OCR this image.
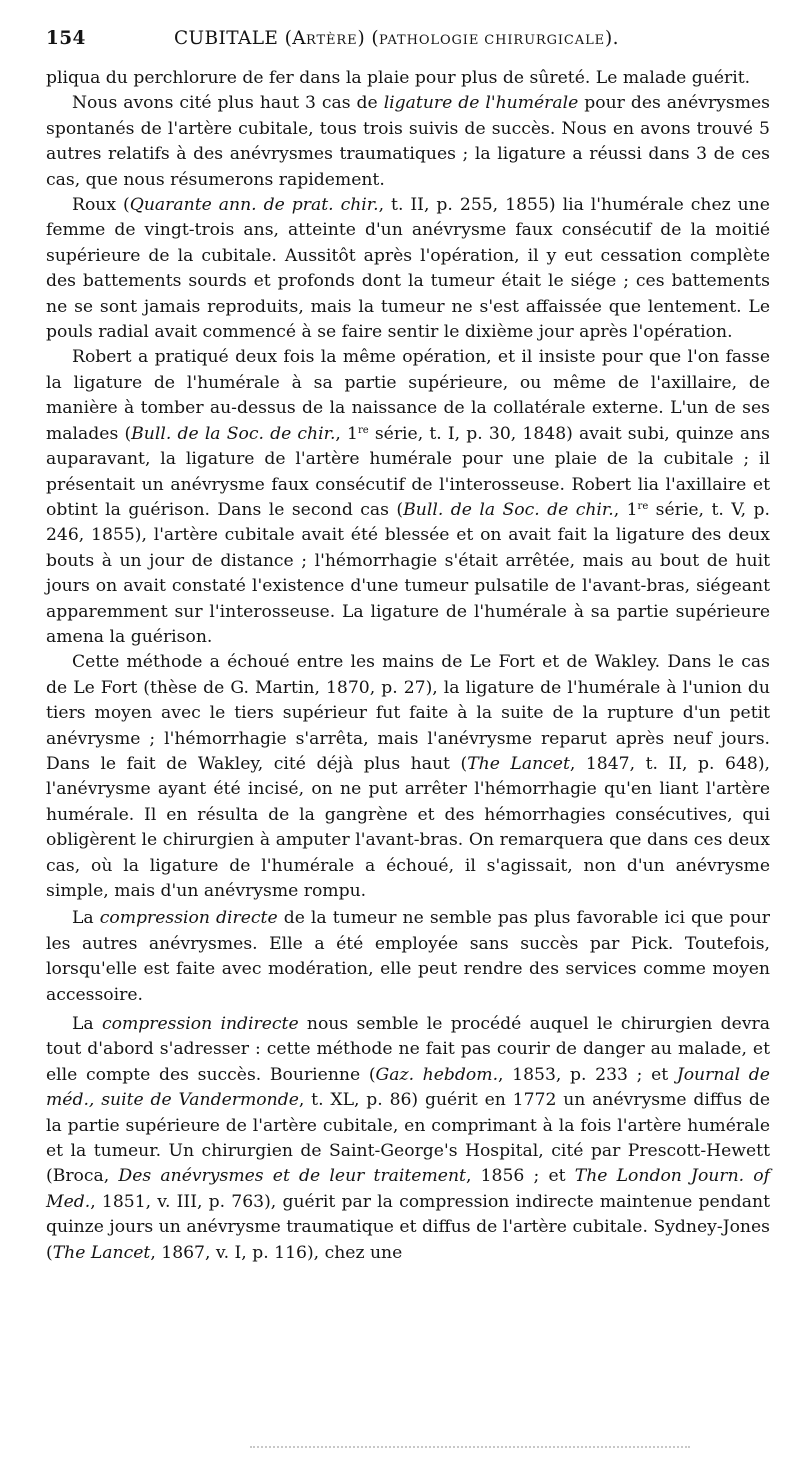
154	CUBITALE (ARTÈRE) (PATHOLOGIE CHIRURGICALE).

pliqua du perchlorure de fer dans la plaie pour plus de sûreté. Le malade guérit.

Nous avons cité plus haut 3 cas de ligature de l'humérale pour des anévrysmes spontanés de l'artère cubitale, tous trois suivis de succès. Nous en avons trouvé 5 autres relatifs à des anévrysmes traumatiques ; la ligature a réussi dans 3 de ces cas, que nous résumerons rapidement.

Roux (Quarante ann. de prat. chir., t. II, p. 255, 1855) lia l'humérale chez une femme de vingt-trois ans, atteinte d'un anévrysme faux consécutif de la moitié supérieure de la cubitale. Aussitôt après l'opération, il y eut cessation complète des battements sourds et profonds dont la tumeur était le siége ; ces battements ne se sont jamais reproduits, mais la tumeur ne s'est affaissée que lentement. Le pouls radial avait commencé à se faire sentir le dixième jour après l'opération.

Robert a pratiqué deux fois la même opération, et il insiste pour que l'on fasse la ligature de l'humérale à sa partie supérieure, ou même de l'axillaire, de manière à tomber au-dessus de la naissance de la collatérale externe. L'un de ses malades (Bull. de la Soc. de chir., 1re série, t. I, p. 30, 1848) avait subi, quinze ans auparavant, la ligature de l'artère humérale pour une plaie de la cubitale ; il présentait un anévrysme faux consécutif de l'interosseuse. Robert lia l'axillaire et obtint la guérison. Dans le second cas (Bull. de la Soc. de chir., 1re série, t. V, p. 246, 1855), l'artère cubitale avait été blessée et on avait fait la ligature des deux bouts à un jour de distance ; l'hémorrhagie s'était arrêtée, mais au bout de huit jours on avait constaté l'existence d'une tumeur pulsatile de l'avant-bras, siégeant apparemment sur l'interosseuse. La ligature de l'humérale à sa partie supérieure amena la guérison.

Cette méthode a échoué entre les mains de Le Fort et de Wakley. Dans le cas de Le Fort (thèse de G. Martin, 1870, p. 27), la ligature de l'humérale à l'union du tiers moyen avec le tiers supérieur fut faite à la suite de la rupture d'un petit anévrysme ; l'hémorrhagie s'arrêta, mais l'anévrysme reparut après neuf jours. Dans le fait de Wakley, cité déjà plus haut (The Lancet, 1847, t. II, p. 648), l'anévrysme ayant été incisé, on ne put arrêter l'hémorrhagie qu'en liant l'artère humérale. Il en résulta de la gangrène et des hémorrhagies consécutives, qui obligèrent le chirurgien à amputer l'avant-bras. On remarquera que dans ces deux cas, où la ligature de l'humérale a échoué, il s'agissait, non d'un anévrysme simple, mais d'un anévrysme rompu.

La compression directe de la tumeur ne semble pas plus favorable ici que pour les autres anévrysmes. Elle a été employée sans succès par Pick. Toutefois, lorsqu'elle est faite avec modération, elle peut rendre des services comme moyen accessoire.

La compression indirecte nous semble le procédé auquel le chirurgien devra tout d'abord s'adresser : cette méthode ne fait pas courir de danger au malade, et elle compte des succès. Bourienne (Gaz. hebdom., 1853, p. 233 ; et Journal de méd., suite de Vandermonde, t. XL, p. 86) guérit en 1772 un anévrysme diffus de la partie supérieure de l'artère cubitale, en comprimant à la fois l'artère humérale et la tumeur. Un chirurgien de Saint-George's Hospital, cité par Prescott-Hewett (Broca, Des anévrysmes et de leur traitement, 1856 ; et The London Journ. of Med., 1851, v. III, p. 763), guérit par la compression indirecte maintenue pendant quinze jours un anévrysme traumatique et diffus de l'artère cubitale. Sydney-Jones (The Lancet, 1867, v. I, p. 116), chez une
